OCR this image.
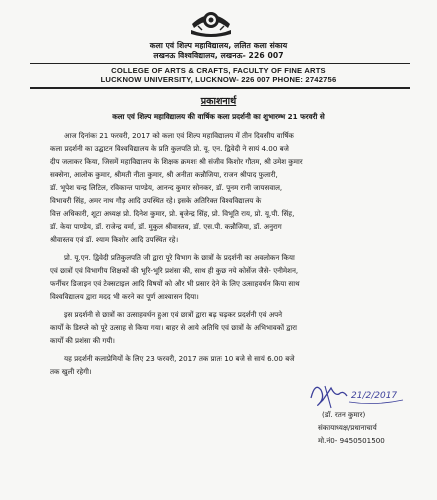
कला एवं शिल्प महाविद्यालय, ललित कला संकाय
लखनऊ विश्वविद्यालय, लखनऊ- 226 007
COLLEGE OF ARTS & CRAFTS, FACULTY OF FINE ARTS
LUCKNOW UNIVERSITY, LUCKNOW- 226 007 PHONE: 2742756
प्रकाशनार्थ
कला एवं शिल्प महाविद्यालय की वार्षिक कला प्रदर्शनी का शुभारम्भ 21 फरवरी से
आज दिनांकः 21 फरवरी, 2017 को कला एवं शिल्प महाविद्यालय में तीन दिवसीय वार्षिक
कला प्रदर्शनी का उद्घाटन विश्वविद्यालय के प्रति कुलपति प्रो. यू. एन. द्विवेदी ने सायं 4.00 बजे
दीप जलाकर किया, जिसमें महाविद्यालय के शिक्षक क्रमशः श्री संजीव किशोर गौतम, श्री उमेश कुमार
सक्सेना, आलोक कुमार, श्रीमती नीता कुमार, श्री अनीता कन्नौजिया, राजन श्रीपाद फुलारी,
डॉ. भूपेश चन्द्र लिटिल, रविकान्त पाण्डेय, आनन्द कुमार सोनकर, डॉ. पूनम रानी जायसवाल,
विभावरी सिंह, अमर नाथ गौड़ आदि उपस्थित रहे। इसके अतिरिक्त विश्वविद्यालय के
वित्त अधिकारी, शूटा अध्यक्ष प्रो. दिनेश कुमार, प्रो. बृजेन्द्र सिंह, प्रो. विभूति राय, प्रो. यू.पी. सिंह,
डॉ. केया पाण्डेय, डॉ. राजेन्द्र वर्मा, डॉ. मुकुल श्रीवास्तव, डॉ. एस.पी. कन्नौजिया, डॉ. अनुराग
श्रीवास्तव एवं डॉ. श्याम किशोर आदि उपस्थित रहे।
प्रो. यू.एन. द्विवेदी प्रतिकुलपति जी द्वारा पूरे विभाग के छात्रों के प्रदर्शनी का अवलोकन किया
एवं छात्रों एवं विभागीय शिक्षकों की भूरि-भूरि प्रशंसा की, साथ ही कुछ नये कोर्सेज जैसे- एनीमेशन,
फर्नीचर डिजाइन एवं टेक्सटाइल आदि विषयों को और भी प्रसार देने के लिए उत्साहवर्धन किया साथ
विश्वविद्यालय द्वारा मदद भी करने का पूर्ण आश्वासन दिया।
इस प्रदर्शनी से छात्रों का उत्साहवर्धन हुआ एवं छात्रों द्वारा बढ़ चढ़कर प्रदर्शनी एवं अपने
कार्यों के डिस्प्ले को पूरे उत्साह से किया गया। बाहर से आये अतिथि एवं छात्रों के अभिभावकों द्वारा
कार्यों की प्रशंसा की गयी।
यह प्रदर्शनी कलाप्रेमियों के लिए 23 फरवरी, 2017 तक प्रातः 10 बजे से सायं 6.00 बजे
तक खुली रहेगी।
21/2/2017
(डॉ. रतन कुमार)
संकायाध्यक्ष/प्रधानाचार्य
मो.नं0- 9450501500
